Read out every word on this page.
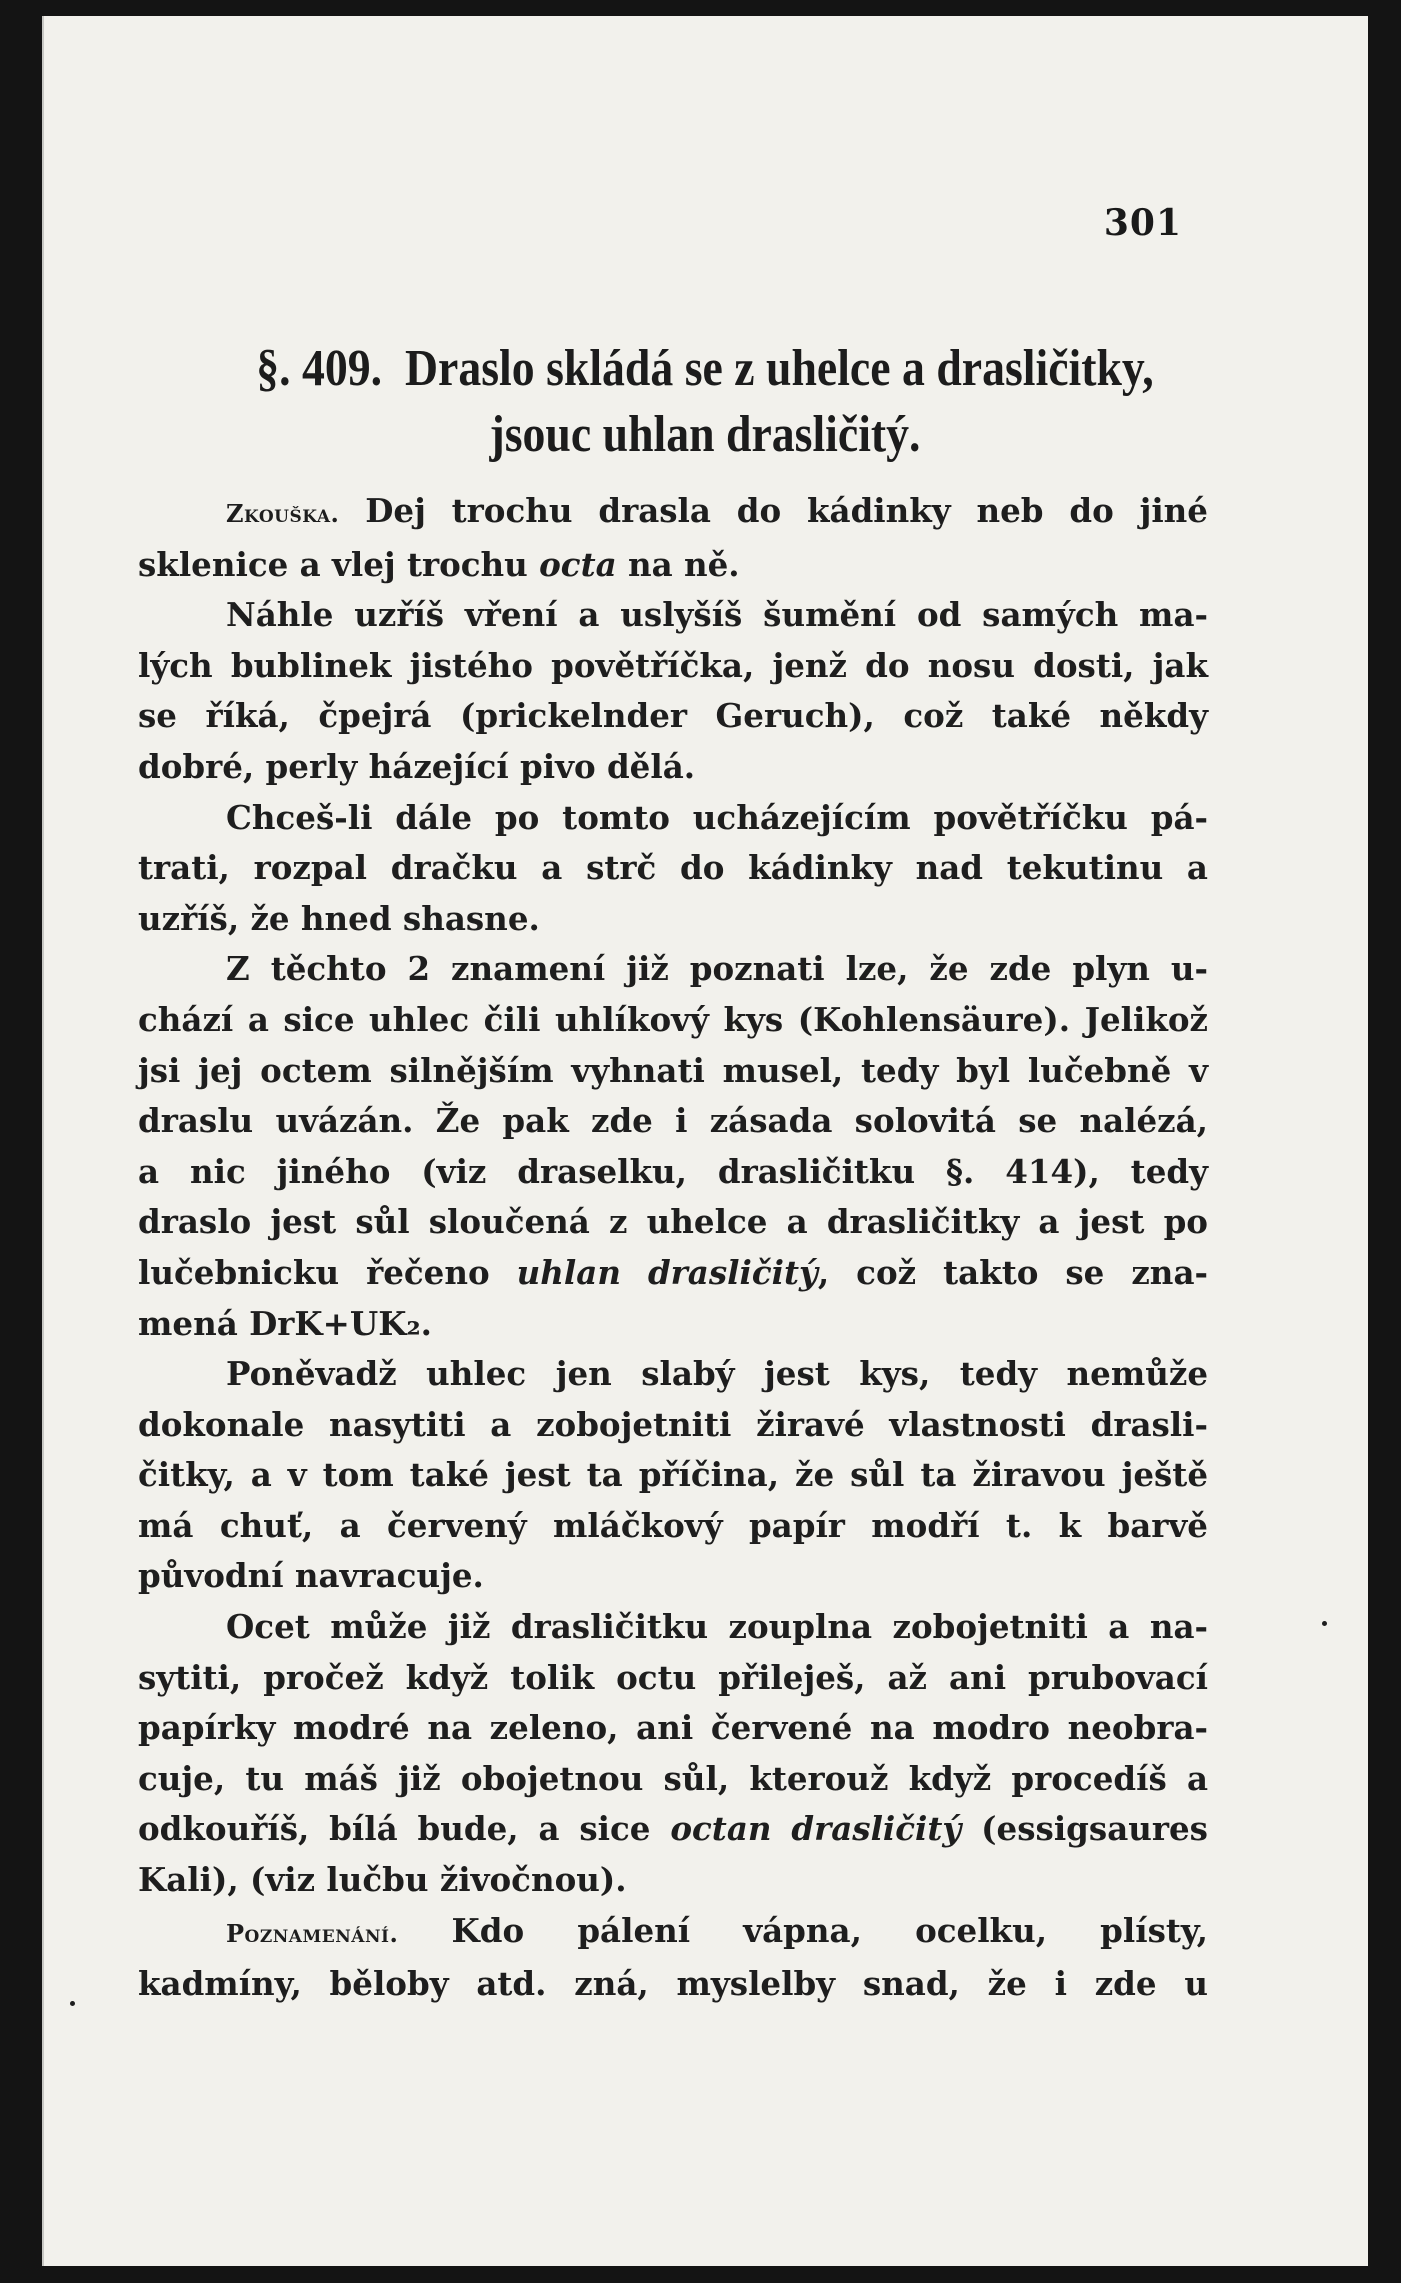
301
§. 409. Draslo skládá se z uhelce a drasličitky,
jsouc uhlan drasličitý.
Zkouška. Dej trochu drasla do kádinky neb do jiné
sklenice a vlej trochu octa na ně.
Náhle uzříš vření a uslyšíš šumění od samých ma-
lých bublinek jistého povětříčka, jenž do nosu dosti, jak
se říká, čpejrá (prickelnder Geruch), což také někdy
dobré, perly házející pivo dělá.
Chceš-li dále po tomto ucházejícím povětříčku pá-
trati, rozpal dračku a strč do kádinky nad tekutinu a
uzříš, že hned shasne.
Z těchto 2 znamení již poznati lze, že zde plyn u-
chází a sice uhlec čili uhlíkový kys (Kohlensäure). Jelikož
jsi jej octem silnějším vyhnati musel, tedy byl lučebně v
draslu uvázán. Že pak zde i zásada solovitá se nalézá,
a nic jiného (viz draselku, drasličitku §. 414), tedy
draslo jest sůl sloučená z uhelce a drasličitky a jest po
lučebnicku řečeno uhlan drasličitý, což takto se zna-
mená DrK+UK₂.
Poněvadž uhlec jen slabý jest kys, tedy nemůže
dokonale nasytiti a zobojetniti žiravé vlastnosti drasli-
čitky, a v tom také jest ta příčina, že sůl ta žiravou ještě
má chuť, a červený mláčkový papír modří t. k barvě
původní navracuje.
Ocet může již drasličitku zouplna zobojetniti a na-
sytiti, pročež když tolik octu přileješ, až ani prubovací
papírky modré na zeleno, ani červené na modro neobra-
cuje, tu máš již obojetnou sůl, kterouž když procedíš a
odkouříš, bílá bude, a sice octan drasličitý (essigsaures
Kali), (viz lučbu živočnou).
Poznamenání. Kdo pálení vápna, ocelku, plísty,
kadmíny, běloby atd. zná, myslelby snad, že i zde u
